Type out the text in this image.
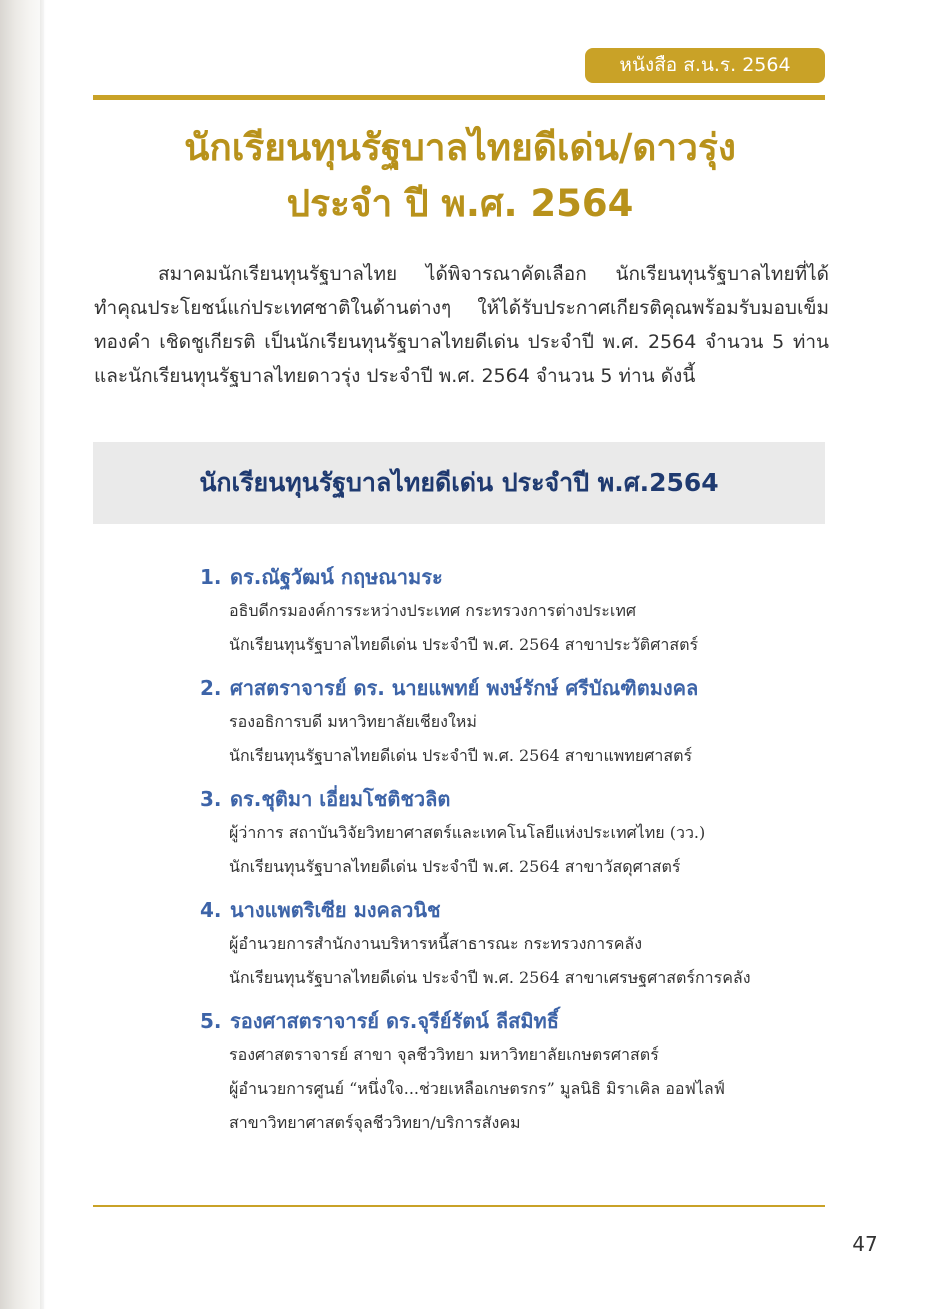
หนังสือ ส.น.ร. 2564
นักเรียนทุนรัฐบาลไทยดีเด่น/ดาวรุ่ง
ประจำ ปี พ.ศ. 2564

สมาคมนักเรียนทุนรัฐบาลไทย ได้พิจารณาคัดเลือก นักเรียนทุนรัฐบาลไทยที่ได้ทำคุณประโยชน์แก่ประเทศชาติในด้านต่างๆ ให้ได้รับประกาศเกียรติคุณพร้อมรับมอบเข็มทองคำ เชิดชูเกียรติ เป็นนักเรียนทุนรัฐบาลไทยดีเด่น ประจำปี พ.ศ. 2564 จำนวน 5 ท่าน และนักเรียนทุนรัฐบาลไทยดาวรุ่ง ประจำปี พ.ศ. 2564 จำนวน 5 ท่าน ดังนี้

นักเรียนทุนรัฐบาลไทยดีเด่น ประจำปี พ.ศ.2564
1. ดร.ณัฐวัฒน์ กฤษณามระ
อธิบดีกรมองค์การระหว่างประเทศ กระทรวงการต่างประเทศ
นักเรียนทุนรัฐบาลไทยดีเด่น ประจำปี พ.ศ. 2564 สาขาประวัติศาสตร์
2. ศาสตราจารย์ ดร. นายแพทย์ พงษ์รักษ์ ศรีบัณฑิตมงคล
รองอธิการบดี มหาวิทยาลัยเชียงใหม่
นักเรียนทุนรัฐบาลไทยดีเด่น ประจำปี พ.ศ. 2564 สาขาแพทยศาสตร์
3. ดร.ชุติมา เอี่ยมโชติชวลิต
ผู้ว่าการ สถาบันวิจัยวิทยาศาสตร์และเทคโนโลยีแห่งประเทศไทย (วว.)
นักเรียนทุนรัฐบาลไทยดีเด่น ประจำปี พ.ศ. 2564 สาขาวัสดุศาสตร์
4. นางแพตริเซีย มงคลวนิช
ผู้อำนวยการสำนักงานบริหารหนี้สาธารณะ กระทรวงการคลัง
นักเรียนทุนรัฐบาลไทยดีเด่น ประจำปี พ.ศ. 2564 สาขาเศรษฐศาสตร์การคลัง
5. รองศาสตราจารย์ ดร.จุรีย์รัตน์ ลีสมิทธิ์
รองศาสตราจารย์ สาขา จุลชีววิทยา มหาวิทยาลัยเกษตรศาสตร์
ผู้อำนวยการศูนย์ “หนึ่งใจ...ช่วยเหลือเกษตรกร” มูลนิธิ มิราเคิล ออฟไลฟ์
สาขาวิทยาศาสตร์จุลชีววิทยา/บริการสังคม
47
